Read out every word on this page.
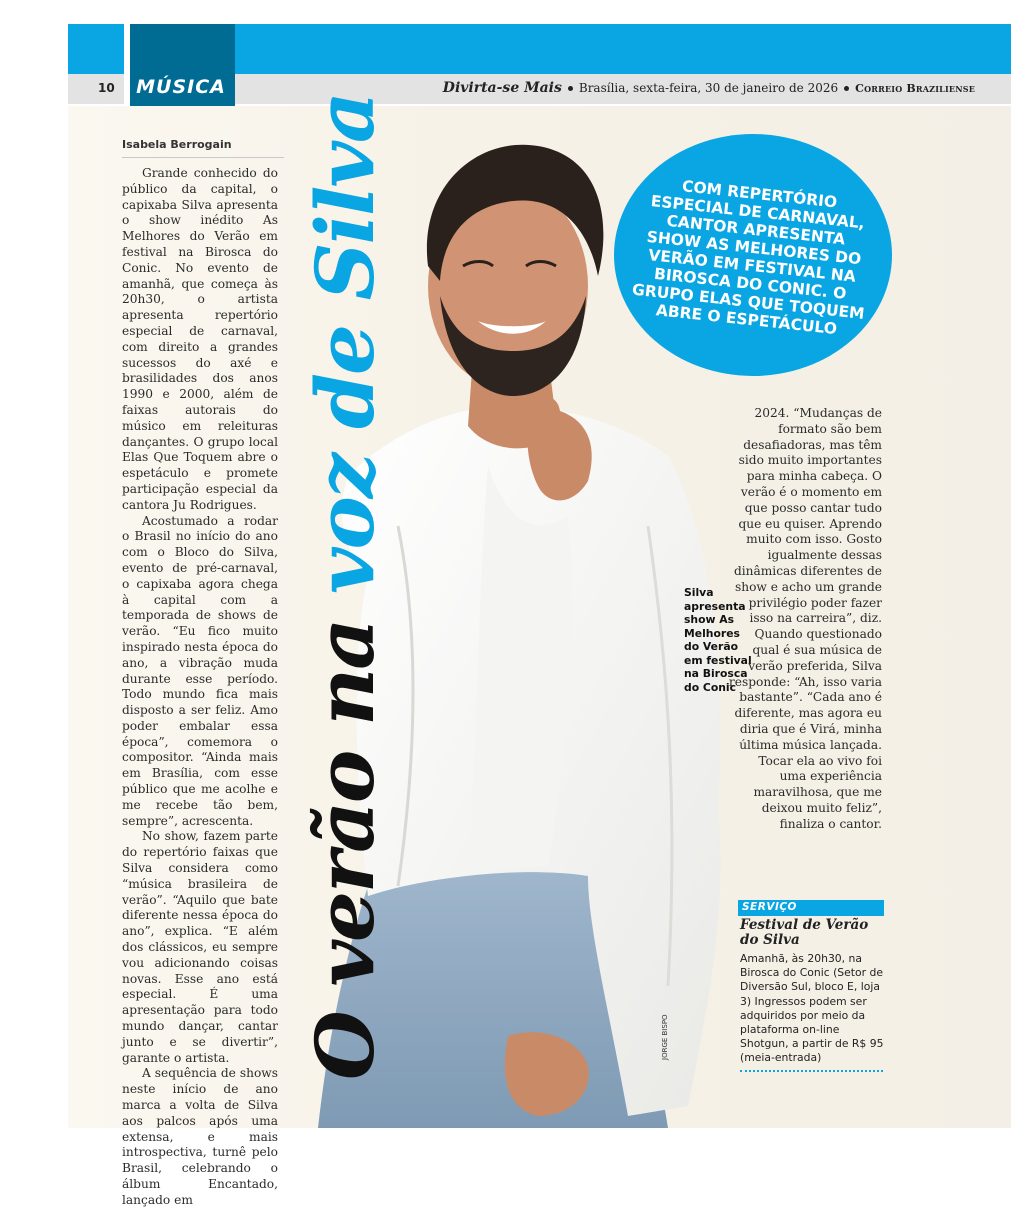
MÚSICA
10	Divirta-se Mais Brasília, sexta-feira, 30 de janeiro de 2026 Correio Braziliense
O verão na voz de Silva
Isabela Berrogain

Grande conhecido do público da capital, o capixaba Silva apresenta o show inédito As Melhores do Verão em festival na Birosca do Conic. No evento de amanhã, que começa às 20h30, o artista apresenta repertório especial de carnaval, com direito a grandes sucessos do axé e brasilidades dos anos 1990 e 2000, além de faixas autorais do músico em releituras dançantes. O grupo local Elas Que Toquem abre o espetáculo e promete participação especial da cantora Ju Rodrigues.

Acostumado a rodar o Brasil no início do ano com o Bloco do Silva, evento de pré-carnaval, o capixaba agora chega à capital com a temporada de shows de verão. “Eu fico muito inspirado nesta época do ano, a vibração muda durante esse período. Todo mundo fica mais disposto a ser feliz. Amo poder embalar essa época”, comemora o compositor. “Ainda mais em Brasília, com esse público que me acolhe e me recebe tão bem, sempre”, acrescenta.

No show, fazem parte do repertório faixas que Silva considera como “música brasileira de verão”. “Aquilo que bate diferente nessa época do ano”, explica. “E além dos clássicos, eu sempre vou adicionando coisas novas. Esse ano está especial. É uma apresentação para todo mundo dançar, cantar junto e se divertir”, garante o artista.

A sequência de shows neste início de ano marca a volta de Silva aos palcos após uma extensa, e mais introspectiva, turnê pelo Brasil, celebrando o álbum Encantado, lançado em

COM REPERTÓRIO ESPECIAL DE CARNAVAL, CANTOR APRESENTA SHOW AS MELHORES DO VERÃO EM FESTIVAL NA BIROSCA DO CONIC. O GRUPO ELAS QUE TOQUEM ABRE O ESPETÁCULO
Silva apresenta show As Melhores do Verão em festival na Birosca do Conic
JORGE BISPO

2024. “Mudanças de formato são bem desafiadoras, mas têm sido muito importantes para minha cabeça. O verão é o momento em que posso cantar tudo que eu quiser. Aprendo muito com isso. Gosto igualmente dessas dinâmicas diferentes de show e acho um grande privilégio poder fazer isso na carreira”, diz.

Quando questionado qual é sua música de verão preferida, Silva responde: “Ah, isso varia bastante”. “Cada ano é diferente, mas agora eu diria que é Virá, minha última música lançada. Tocar ela ao vivo foi uma experiência maravilhosa, que me deixou muito feliz”, finaliza o cantor.

SERVIÇO
Festival de Verão do Silva
Amanhã, às 20h30, na Birosca do Conic (Setor de Diversão Sul, bloco E, loja 3) Ingressos podem ser adquiridos por meio da plataforma on-line Shotgun, a partir de R$ 95 (meia-entrada)
